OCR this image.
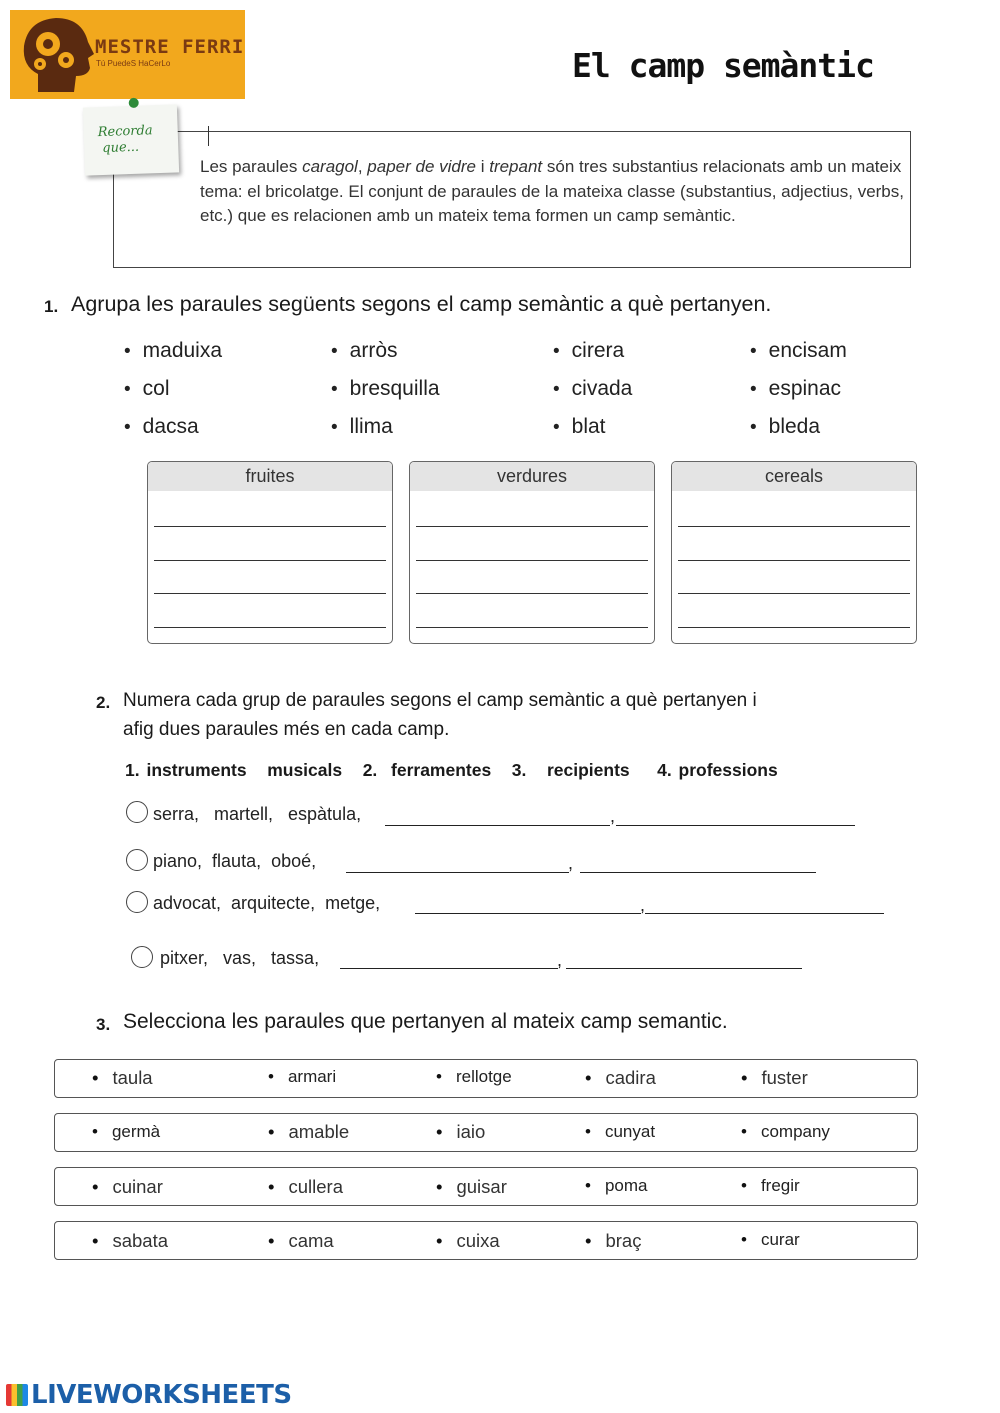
MESTRE FERRI
Tú PuedeS HaCerLo	El camp semàntic
Recorda
que...
Les paraules caragol, paper de vidre i trepant són tres substantius relacionats amb un mateix tema: el bricolatge. El conjunt de paraules de la mateixa classe (substantius, adjectius, verbs, etc.) que es relacionen amb un mateix tema formen un camp semàntic.
1. Agrupa les paraules següents segons el camp semàntic a què pertanyen.
• maduixa
• col
• dacsa
• arròs
• bresquilla
• llima
• cirera
• civada
• blat
• encisam
• espinac
• bleda
fruites	verdures	cereals
2. Numera cada grup de paraules segons el camp semàntic a què pertanyen i
afig dues paraules més en cada camp.
1. instruments   musicals   2.  ferramentes   3.   recipients    4. professions
serra,   martell,   espàtula,	,
piano,  flauta,  oboé,	,
advocat,  arquitecte,  metge,	,
pitxer,   vas,   tassa,	,
3. Selecciona les paraules que pertanyen al mateix camp semantic.
• taula	• armari	• rellotge	• cadira	• fuster
• germà	• amable	• iaio	• cunyat	• company
• cuinar	• cullera	• guisar	• poma	• fregir
• sabata	• cama	• cuixa	• braç	• curar
LIVEWORKSHEETS
